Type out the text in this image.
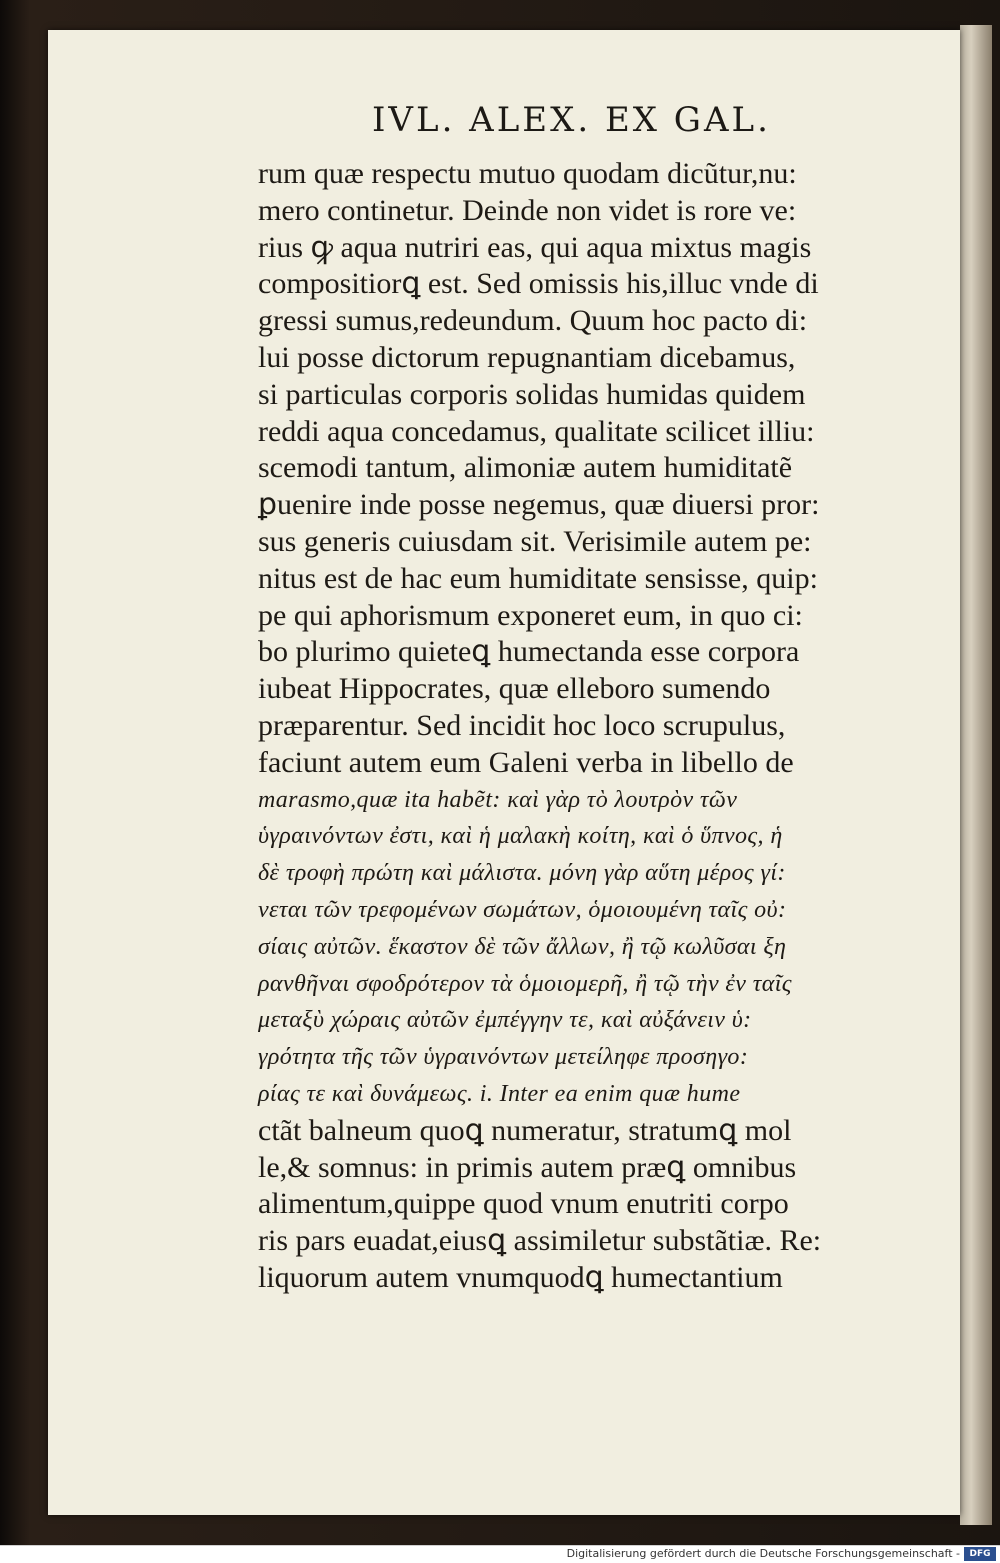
IVL. ALEX. EX GAL.
rum quæ respectu mutuo quodam dicũtur,nu:
mero continetur. Deinde non videt is rore ve:
rius ꝙ aqua nutriri eas, qui aqua mixtus magis
compositiorꝗ est. Sed omissis his,illuc vnde di
gressi sumus,redeundum. Quum hoc pacto di:
lui posse dictorum repugnantiam dicebamus,
si particulas corporis solidas humidas quidem
reddi aqua concedamus, qualitate scilicet illiu:
scemodi tantum, alimoniæ autem humiditatẽ
ꝑuenire inde posse negemus, quæ diuersi pror:
sus generis cuiusdam sit. Verisimile autem pe:
nitus est de hac eum humiditate sensisse, quip:
pe qui aphorismum exponeret eum, in quo ci:
bo plurimo quieteꝗ humectanda esse corpora
iubeat Hippocrates, quæ elleboro sumendo
præparentur. Sed incidit hoc loco scrupulus,
faciunt autem eum Galeni verba in libello de
marasmo,quæ ita habẽt: καὶ γὰρ τὸ λουτρὸν τῶν
ὑγραινόντων ἐστι, καὶ ἡ μαλακὴ κοίτη, καὶ ὁ ὕπνος, ἡ
δὲ τροφὴ πρώτη καὶ μάλιστα. μόνη γὰρ αὕτη μέρος γί:
νεται τῶν τρεφομένων σωμάτων, ὁμοιουμένη ταῖς οὐ:
σίαις αὐτῶν. ἕκαστον δὲ τῶν ἄλλων, ἢ τῷ κωλῦσαι ξη
ρανθῆναι σφοδρότερον τὰ ὁμοιομερῆ, ἢ τῷ τὴν ἐν ταῖς
μεταξὺ χώραις αὐτῶν ἐμπέγγην τε, καὶ αὐξάνειν ὑ:
γρότητα τῆς τῶν ὑγραινόντων μετείληφε προσηγο:
ρίας τε καὶ δυνάμεως. i. Inter ea enim quæ hume
ctãt balneum quoꝗ numeratur, stratumꝗ mol
le,& somnus: in primis autem præꝗ omnibus
alimentum,quippe quod vnum enutriti corpo
ris pars euadat,eiusꝗ assimiletur substãtiæ. Re:
liquorum autem vnumquodꝗ humectantium
Digitalisierung gefördert durch die Deutsche Forschungsgemeinschaft -	DFG
